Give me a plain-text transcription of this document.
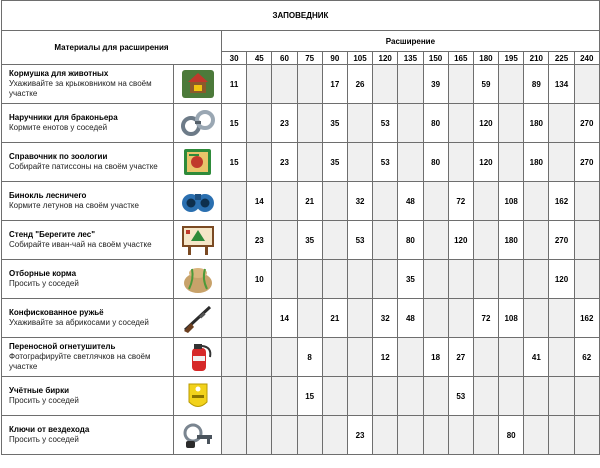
ЗАПОВЕДНИК																
Материалы для расширения		Расширение														
		30	45	60	75	90	105	120	135	150	165	180	195	210	225	240

Кормушка для животных
Ухаживайте за крыжовником на своём участке		11				17	26			39		59		89	134	

Наручники для браконьера
Кормите енотов у соседей		15		23		35		53		80		120		180		270

Справочник по зоологии
Собирайте патиссоны на своём участке		15		23		35		53		80		120		180		270

Бинокль лесничего
Кормите летунов на своём участке			14		21		32		48		72		108		162	

Стенд "Берегите лес"
Собирайте иван-чай на своём участке			23		35		53		80		120		180		270	

Отборные корма
Просить у соседей			10						35						120	

Конфискованное ружьё
Ухаживайте за абрикосами у соседей				14		21		32	48			72	108			162

Переносной огнетушитель
Фотографируйте светлячков на своём участке					8			12		18	27			41		62

Учётные бирки
Просить у соседей					15						53					

Ключи от вездехода
Просить у соседей							23						80			
